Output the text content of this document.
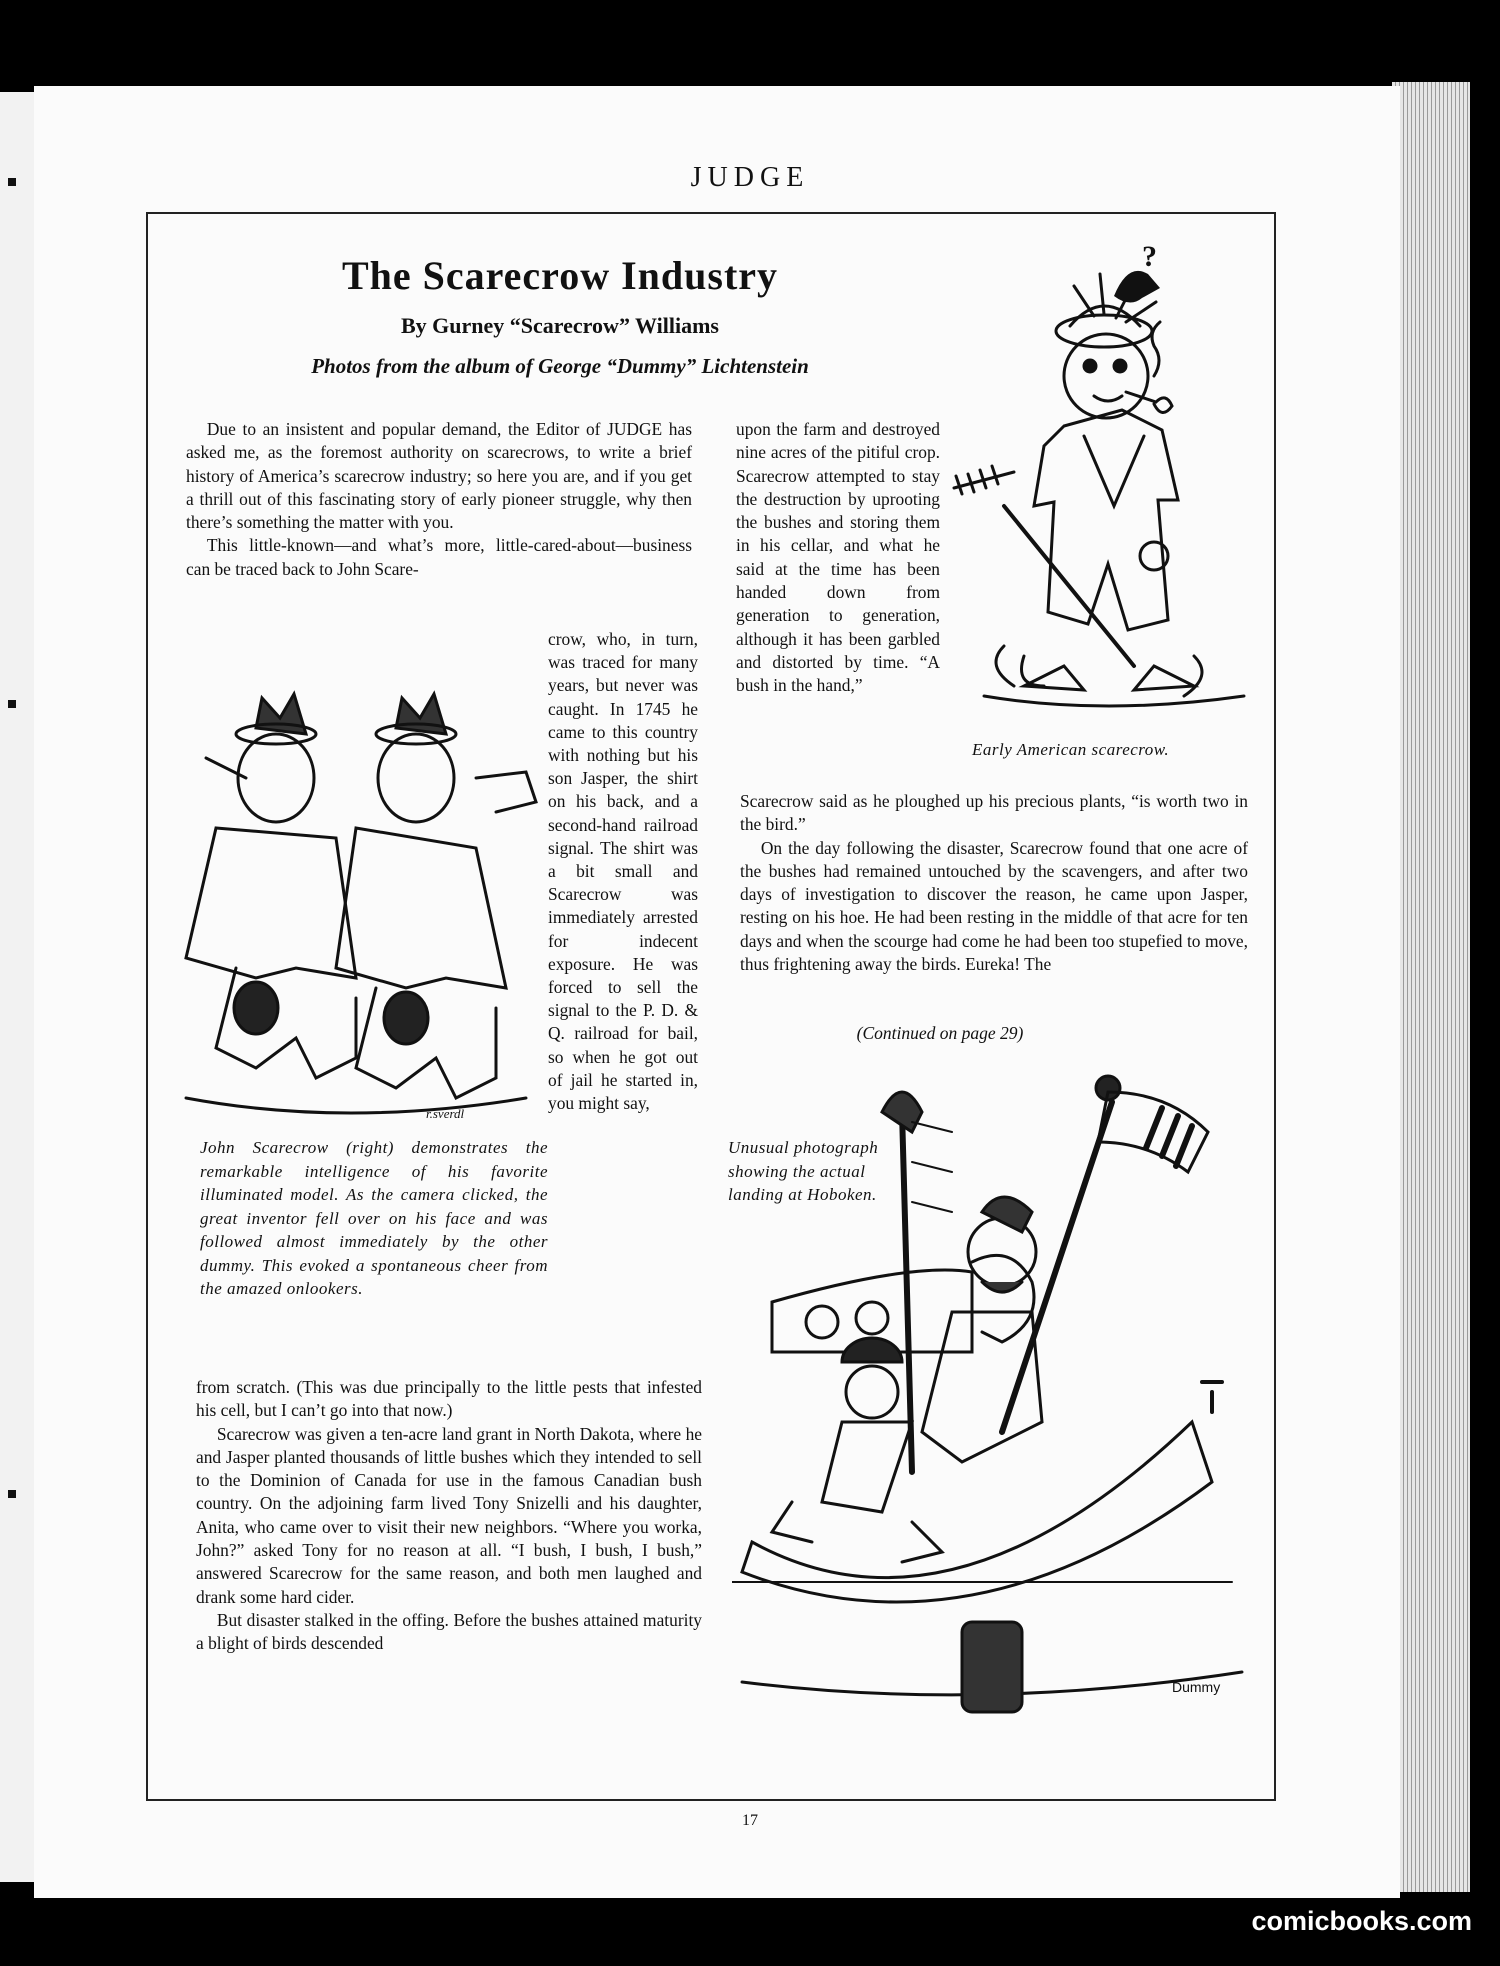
JUDGE
The Scarecrow Industry
By Gurney “Scarecrow” Williams
Photos from the album of George “Dummy” Lichtenstein

Due to an insistent and popular demand, the Editor of JUDGE has asked me, as the foremost authority on scarecrows, to write a brief history of America’s scarecrow industry; so here you are, and if you get a thrill out of this fascinating story of early pioneer struggle, why then there’s something the matter with you.

This little-known—and what’s more, little-cared-about—business can be traced back to John Scare-

crow, who, in turn, was traced for many years, but never was caught. In 1745 he came to this country with nothing but his son Jasper, the shirt on his back, and a second-hand railroad signal. The shirt was a bit small and Scarecrow was immediately arrested for indecent exposure. He was forced to sell the signal to the P. D. & Q. railroad for bail, so when he got out of jail he started in, you might say,

from scratch. (This was due principally to the little pests that infested his cell, but I can’t go into that now.)

Scarecrow was given a ten-acre land grant in North Dakota, where he and Jasper planted thousands of little bushes which they intended to sell to the Dominion of Canada for use in the famous Canadian bush country. On the adjoining farm lived Tony Snizelli and his daughter, Anita, who came over to visit their new neighbors. “Where you worka, John?” asked Tony for no reason at all. “I bush, I bush, I bush,” answered Scarecrow for the same reason, and both men laughed and drank some hard cider.

But disaster stalked in the offing. Before the bushes attained maturity a blight of birds descended

upon the farm and destroyed nine acres of the pitiful crop. Scarecrow attempted to stay the destruction by uprooting the bushes and storing them in his cellar, and what he said at the time has been handed down from generation to generation, although it has been garbled and distorted by time. “A bush in the hand,”

Scarecrow said as he ploughed up his precious plants, “is worth two in the bird.”

On the day following the disaster, Scarecrow found that one acre of the bushes had remained untouched by the scavengers, and after two days of investigation to discover the reason, he came upon Jasper, resting on his hoe. He had been resting in the middle of that acre for ten days and when the scourge had come he had been too stupefied to move, thus frightening away the birds. Eureka! The

(Continued on page 29)
Early American scarecrow.
John Scarecrow (right) demonstrates the remarkable intelligence of his favorite illuminated model. As the camera clicked, the great inventor fell over on his face and was followed almost immediately by the other dummy. This evoked a spontaneous cheer from the amazed onlookers.
Unusual photograph showing the actual landing at Hoboken.
?
r.sverdl
Dummy
17
comicbooks.com
